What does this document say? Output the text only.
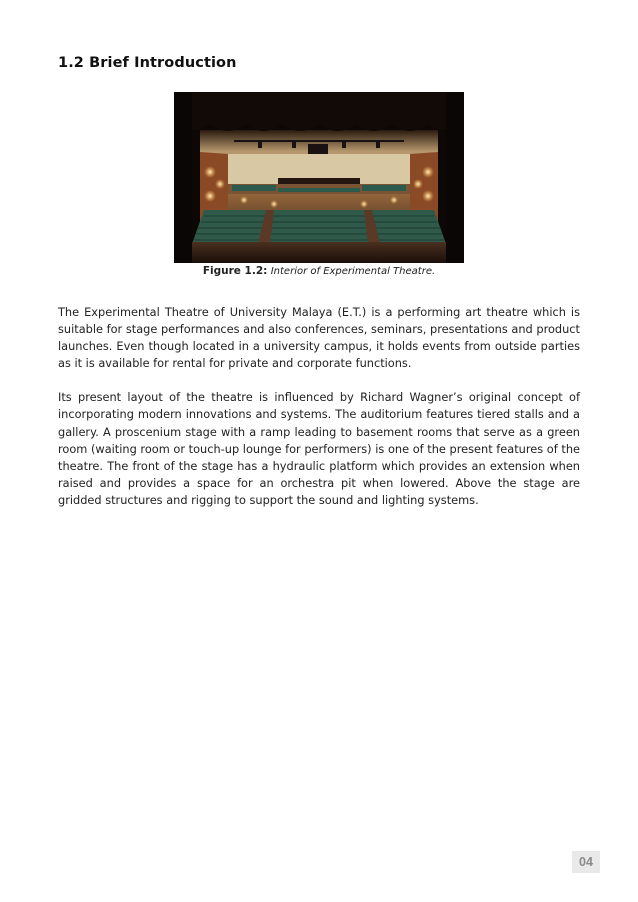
1.2 Brief Introduction
Figure 1.2: Interior of Experimental Theatre.

The Experimental Theatre of University Malaya (E.T.) is a performing art theatre which is suitable for stage performances and also conferences, seminars, presentations and product launches. Even though located in a university campus, it holds events from outside parties as it is available for rental for private and corporate functions.

Its present layout of the theatre is influenced by Richard Wagner’s original concept of incorporating modern innovations and systems. The auditorium features tiered stalls and a gallery. A proscenium stage with a ramp leading to basement rooms that serve as a green room (waiting room or touch-up lounge for performers) is one of the present features of the theatre. The front of the stage has a hydraulic platform which provides an extension when raised and provides a space for an orchestra pit when lowered. Above the stage are gridded structures and rigging to support the sound and lighting systems.

04
